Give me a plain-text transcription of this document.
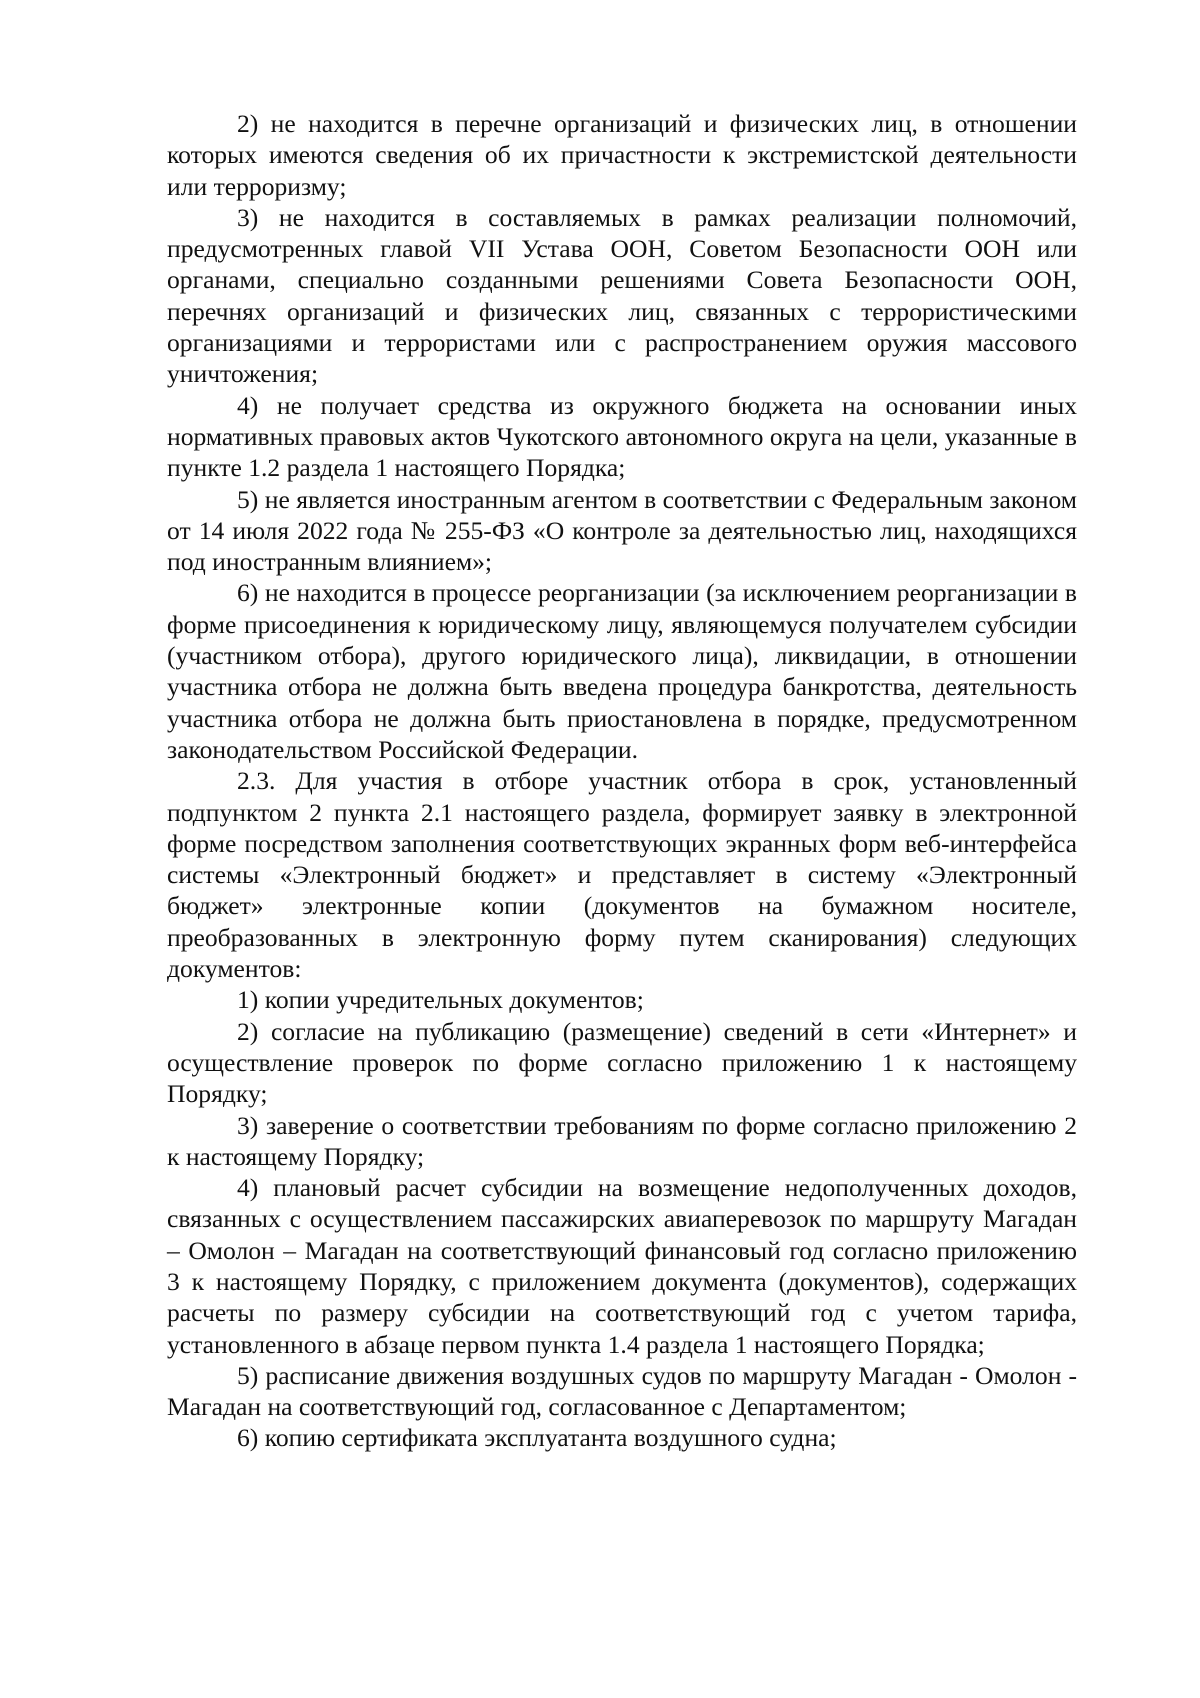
2) не находится в перечне организаций и физических лиц, в отношении которых имеются сведения об их причастности к экстремистской деятельности или терроризму;

3) не находится в составляемых в рамках реализации полномочий, предусмотренных главой VII Устава ООН, Советом Безопасности ООН или органами, специально созданными решениями Совета Безопасности ООН, перечнях организаций и физических лиц, связанных с террористическими организациями и террористами или с распространением оружия массового уничтожения;

4) не получает средства из окружного бюджета на основании иных нормативных правовых актов Чукотского автономного округа на цели, указанные в пункте 1.2 раздела 1 настоящего Порядка;

5) не является иностранным агентом в соответствии с Федеральным законом от 14 июля 2022 года № 255-ФЗ «О контроле за деятельностью лиц, находящихся под иностранным влиянием»;

6) не находится в процессе реорганизации (за исключением реорганизации в форме присоединения к юридическому лицу, являющемуся получателем субсидии (участником отбора), другого юридического лица), ликвидации, в отношении участника отбора не должна быть введена процедура банкротства, деятельность участника отбора не должна быть приостановлена в порядке, предусмотренном законодательством Российской Федерации.

2.3. Для участия в отборе участник отбора в срок, установленный подпунктом 2 пункта 2.1 настоящего раздела, формирует заявку в электронной форме посредством заполнения соответствующих экранных форм веб-интерфейса системы «Электронный бюджет» и представляет в систему «Электронный бюджет» электронные копии (документов на бумажном носителе, преобразованных в электронную форму путем сканирования) следующих документов:

1) копии учредительных документов;

2) согласие на публикацию (размещение) сведений в сети «Интернет» и осуществление проверок по форме согласно приложению 1 к настоящему Порядку;

3) заверение о соответствии требованиям по форме согласно приложению 2 к настоящему Порядку;

4) плановый расчет субсидии на возмещение недополученных доходов, связанных с осуществлением пассажирских авиаперевозок по маршруту Магадан – Омолон – Магадан на соответствующий финансовый год согласно приложению 3 к настоящему Порядку, с приложением документа (документов), содержащих расчеты по размеру субсидии на соответствующий год с учетом тарифа, установленного в абзаце первом пункта 1.4 раздела 1 настоящего Порядка;

5) расписание движения воздушных судов по маршруту Магадан - Омолон - Магадан на соответствующий год, согласованное с Департаментом;

6) копию сертификата эксплуатанта воздушного судна;
